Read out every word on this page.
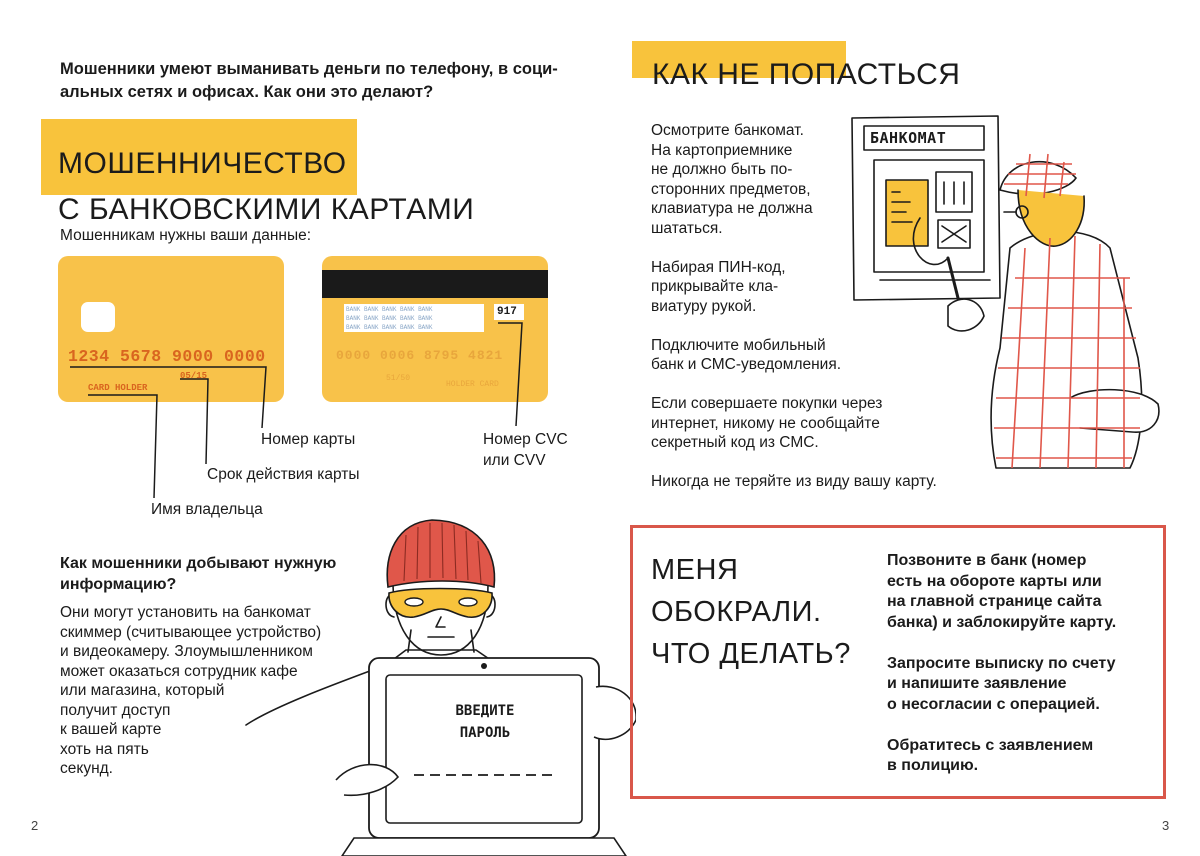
Мошенники умеют выманивать деньги по телефону, в соци-
альных сетях и офисах. Как они это делают?
МОШЕННИЧЕСТВО
С БАНКОВСКИМИ КАРТАМИ
Мошенникам нужны ваши данные:
1234 5678 9000 0000
05/15
CARD HOLDER
BANK BANK BANK BANK BANK
BANK BANK BANK BANK BANK
BANK BANK BANK BANK BANK
917
0000 0006 8795 4821
51/50
HOLDER CARD
Номер карты
Срок действия карты
Имя владельца
Номер CVC
или CVV
Как мошенники добывают нужную
информацию?
Они могут установить на банкомат
скиммер (считывающее устройство)
и видеокамеру. Злоумышленником
может оказаться сотрудник кафе
или магазина, который
получит доступ
к вашей карте
хоть на пять
секунд.
ВВЕДИТЕ
ПАРОЛЬ
2
КАК НЕ ПОПАСТЬСЯ

Осмотрите банкомат.
На картоприемнике
не должно быть по-
сторонних предметов,
клавиатура не должна
шататься.

Набирая ПИН-код,
прикрывайте кла-
виатуру рукой.

Подключите мобильный
банк и СМС-уведомления.

Если совершаете покупки через
интернет, никому не сообщайте
секретный код из СМС.

Никогда не теряйте из виду вашу карту.

БАНКОМАТ
МЕНЯ
ОБОКРАЛИ.
ЧТО ДЕЛАТЬ?

Позвоните в банк (номер
есть на обороте карты или
на главной странице сайта
банка) и заблокируйте карту.

Запросите выписку по счету
и напишите заявление
о несогласии с операцией.

Обратитесь с заявлением
в полицию.

3
